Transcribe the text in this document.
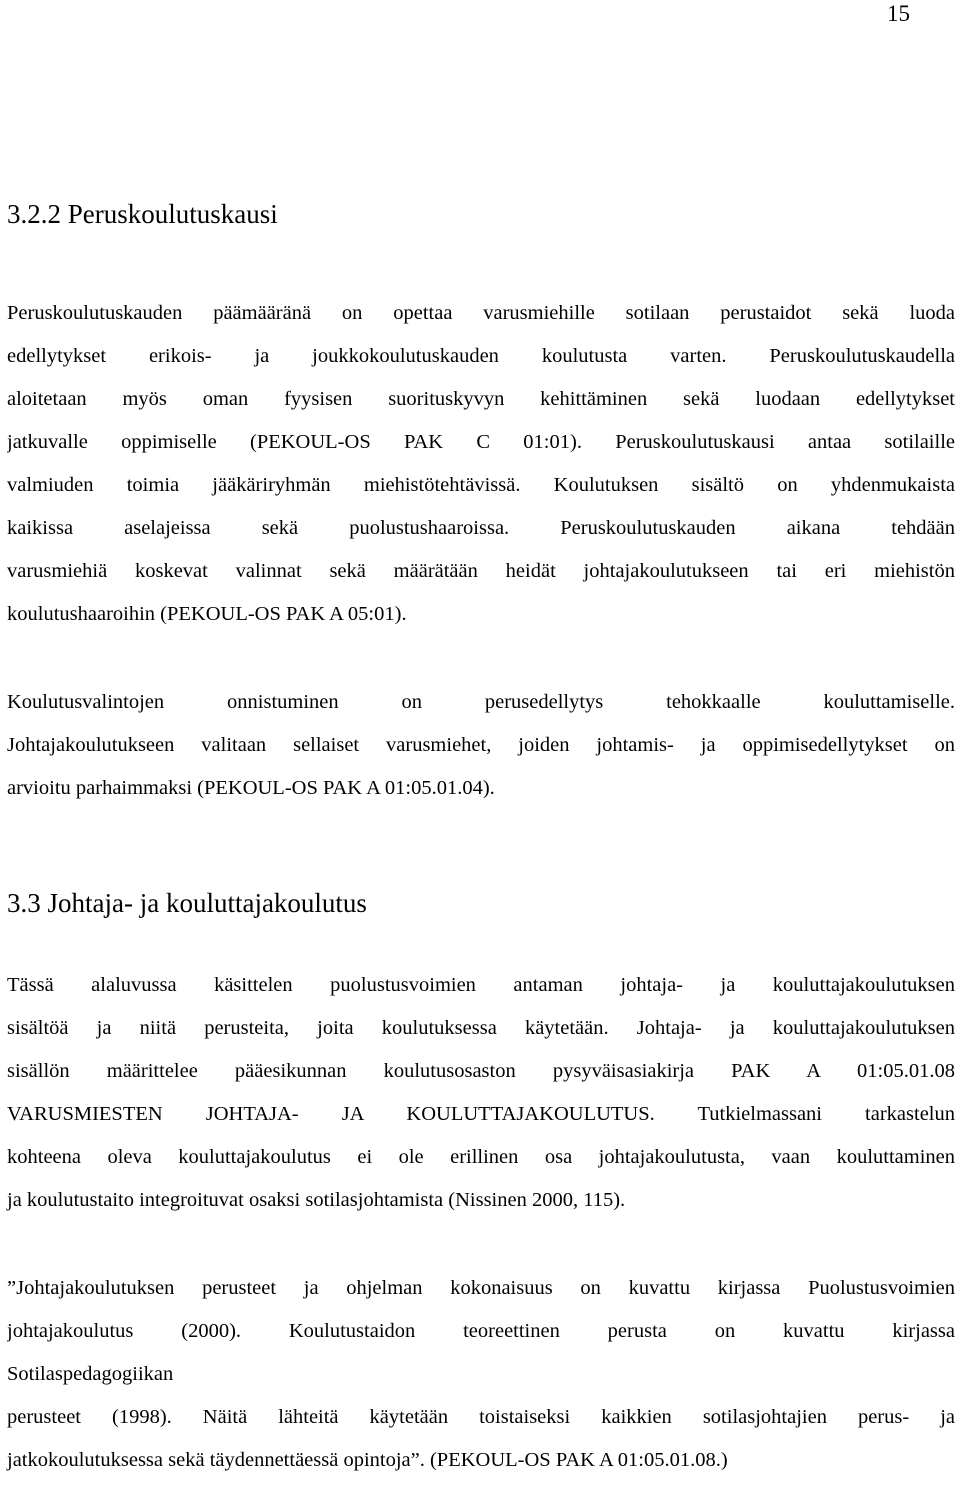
15
3.2.2 Peruskoulutuskausi
Peruskoulutuskauden päämääränä on opettaa varusmiehille sotilaan perustaidot sekä luoda
edellytykset erikois- ja joukkokoulutuskauden koulutusta varten. Peruskoulutuskaudella
aloitetaan myös oman fyysisen suorituskyvyn kehittäminen sekä luodaan edellytykset
jatkuvalle oppimiselle (PEKOUL-OS PAK C 01:01). Peruskoulutuskausi antaa sotilaille
valmiuden toimia jääkäriryhmän miehistötehtävissä. Koulutuksen sisältö on yhdenmukaista
kaikissa aselajeissa sekä puolustushaaroissa. Peruskoulutuskauden aikana tehdään
varusmiehiä koskevat valinnat sekä määrätään heidät johtajakoulutukseen tai eri miehistön
koulutushaaroihin (PEKOUL-OS PAK A 05:01).
Koulutusvalintojen onnistuminen on perusedellytys tehokkaalle kouluttamiselle.
Johtajakoulutukseen valitaan sellaiset varusmiehet, joiden johtamis- ja oppimisedellytykset on
arvioitu parhaimmaksi (PEKOUL-OS PAK A 01:05.01.04).
3.3 Johtaja- ja kouluttajakoulutus
Tässä alaluvussa käsittelen puolustusvoimien antaman johtaja- ja kouluttajakoulutuksen
sisältöä ja niitä perusteita, joita koulutuksessa käytetään. Johtaja- ja kouluttajakoulutuksen
sisällön määrittelee pääesikunnan koulutusosaston pysyväisasiakirja PAK A 01:05.01.08
VARUSMIESTEN JOHTAJA- JA KOULUTTAJAKOULUTUS. Tutkielmassani tarkastelun
kohteena oleva kouluttajakoulutus ei ole erillinen osa johtajakoulutusta, vaan kouluttaminen
ja koulutustaito integroituvat osaksi sotilasjohtamista (Nissinen 2000, 115).
”Johtajakoulutuksen perusteet ja ohjelman kokonaisuus on kuvattu kirjassa Puolustusvoimien
johtajakoulutus (2000). Koulutustaidon teoreettinen perusta on kuvattu kirjassa
Sotilaspedagogiikan
perusteet (1998). Näitä lähteitä käytetään toistaiseksi kaikkien sotilasjohtajien perus- ja
jatkokoulutuksessa sekä täydennettäessä opintoja”. (PEKOUL-OS PAK A 01:05.01.08.)
